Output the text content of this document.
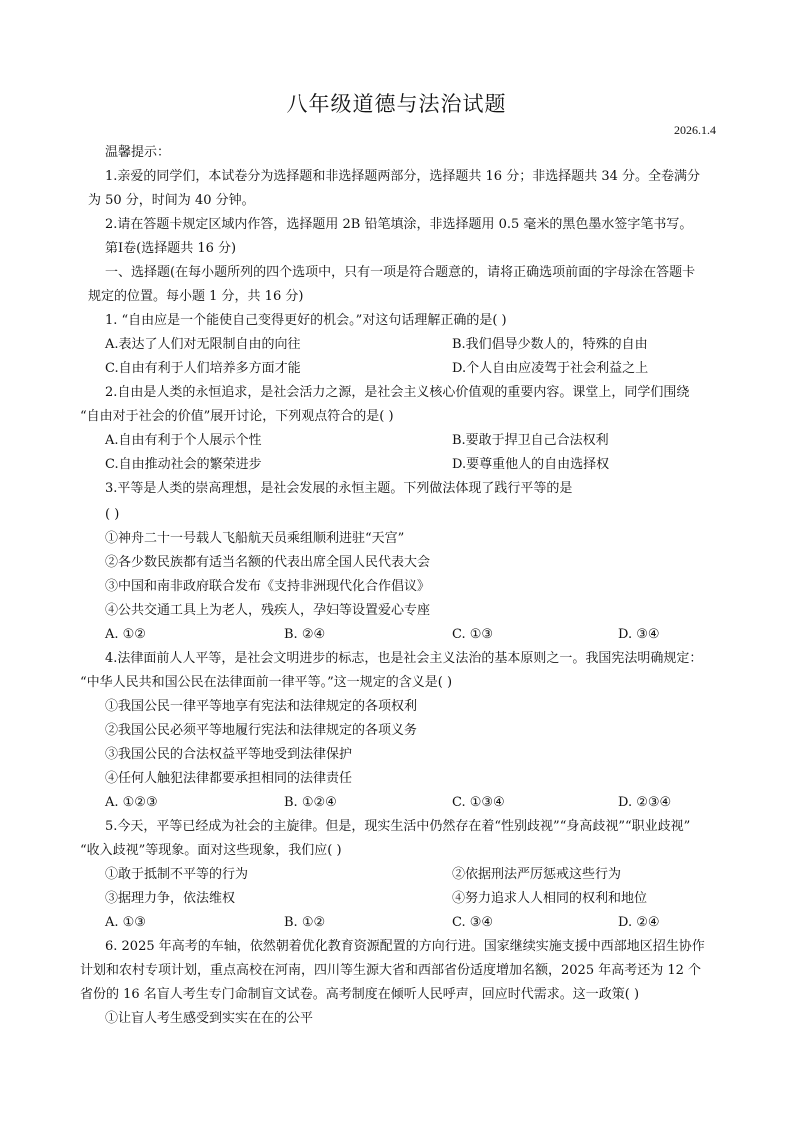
八年级道德与法治试题
2026.1.4
温馨提示：
1.亲爱的同学们，本试卷分为选择题和非选择题两部分，选择题共 16 分；非选择题共 34 分。全卷满分
为 50 分，时间为 40 分钟。
2.请在答题卡规定区域内作答，选择题用 2B 铅笔填涂，非选择题用 0.5 毫米的黑色墨水签字笔书写。
第Ⅰ卷(选择题共 16 分)
一、选择题(在每小题所列的四个选项中，只有一项是符合题意的，请将正确选项前面的字母涂在答题卡
规定的位置。每小题 1 分，共 16 分)
1. “自由应是一个能使自己变得更好的机会。”对这句话理解正确的是( )
A.表达了人们对无限制自由的向往	B.我们倡导少数人的，特殊的自由
C.自由有利于人们培养多方面才能	D.个人自由应凌驾于社会利益之上
2.自由是人类的永恒追求，是社会活力之源，是社会主义核心价值观的重要内容。课堂上，同学们围绕
“自由对于社会的价值”展开讨论，下列观点符合的是( )
A.自由有利于个人展示个性	B.要敢于捍卫自己合法权利
C.自由推动社会的繁荣进步	D.要尊重他人的自由选择权
3.平等是人类的崇高理想，是社会发展的永恒主题。下列做法体现了践行平等的是
( )
①神舟二十一号载人飞船航天员乘组顺利进驻“天宫”
②各少数民族都有适当名额的代表出席全国人民代表大会
③中国和南非政府联合发布《支持非洲现代化合作倡议》
④公共交通工具上为老人，残疾人，孕妇等设置爱心专座
A. ①②	B. ②④	C. ①③	D. ③④
4.法律面前人人平等，是社会文明进步的标志，也是社会主义法治的基本原则之一。我国宪法明确规定：
“中华人民共和国公民在法律面前一律平等。”这一规定的含义是( )
①我国公民一律平等地享有宪法和法律规定的各项权利
②我国公民必须平等地履行宪法和法律规定的各项义务
③我国公民的合法权益平等地受到法律保护
④任何人触犯法律都要承担相同的法律责任
A. ①②③	B. ①②④	C. ①③④	D. ②③④
5.今天，平等已经成为社会的主旋律。但是，现实生活中仍然存在着“性别歧视”“身高歧视”“职业歧视”
“收入歧视”等现象。面对这些现象，我们应( )
①敢于抵制不平等的行为	②依据刑法严厉惩戒这些行为
③据理力争，依法维权	④努力追求人人相同的权利和地位
A. ①③	B. ①②	C. ③④	D. ②④
6. 2025 年高考的车轴，依然朝着优化教育资源配置的方向行进。国家继续实施支援中西部地区招生协作
计划和农村专项计划，重点高校在河南，四川等生源大省和西部省份适度增加名额，2025 年高考还为 12 个
省份的 16 名盲人考生专门命制盲文试卷。高考制度在倾听人民呼声，回应时代需求。这一政策( )
①让盲人考生感受到实实在在的公平
